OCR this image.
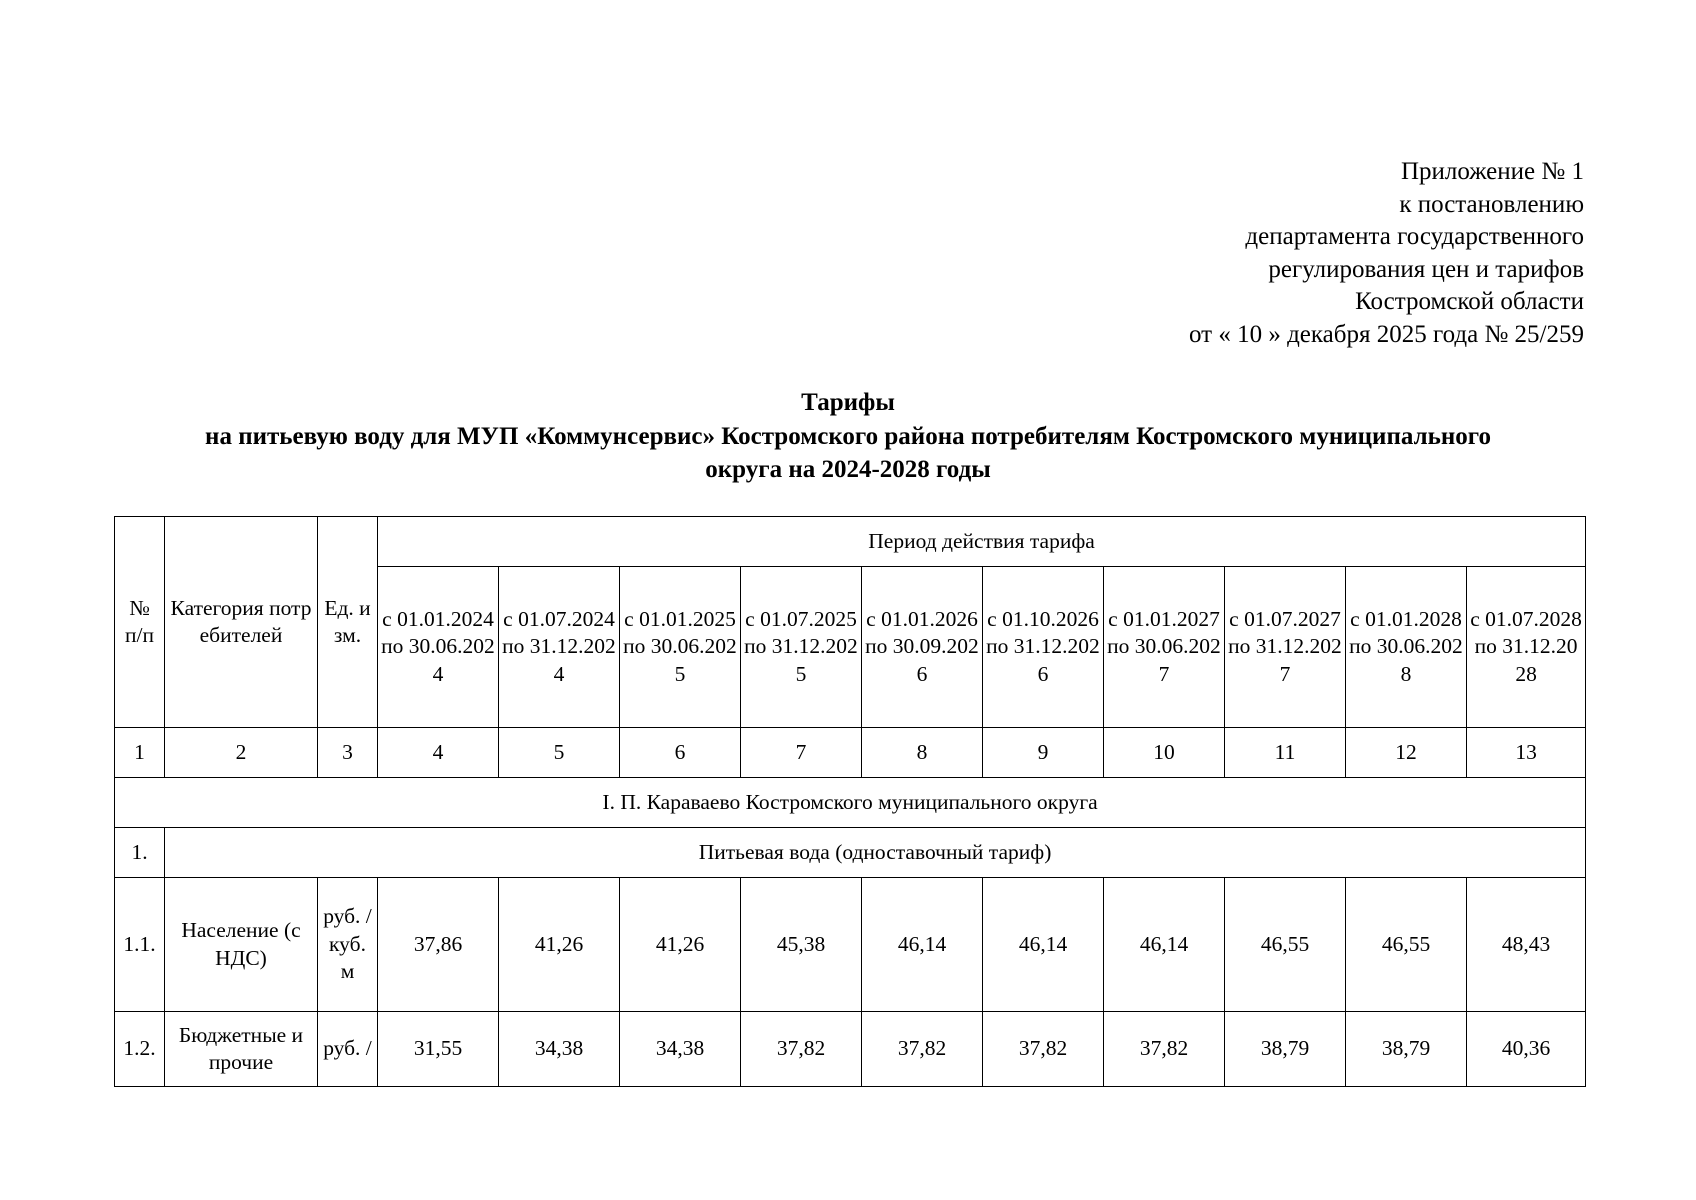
Приложение № 1
к постановлению
департамента государственного
регулирования цен и тарифов
Костромской области
от « 10 » декабря 2025 года № 25/259
Тарифы
на питьевую воду для МУП «Коммунсервис» Костромского района потребителям Костромского муниципального
округа на 2024-2028 годы
№ п/п	Категория потребителей	Ед. изм.	Период действия тарифа									
			с 01.01.2024 по 30.06.2024	с 01.07.2024 по 31.12.2024	с 01.01.2025 по 30.06.2025	с 01.07.2025 по 31.12.2025	с 01.01.2026 по 30.09.2026	с 01.10.2026 по 31.12.2026	с 01.01.2027 по 30.06.2027	с 01.07.2027 по 31.12.2027	с 01.01.2028 по 30.06.2028	с 01.07.2028 по 31.12.2028
1	2	3	4	5	6	7	8	9	10	11	12	13
I. П. Караваево Костромского муниципального округа												
1.	Питьевая вода (одноставочный тариф)											
1.1.	Население (с НДС)	руб. / куб. м	37,86	41,26	41,26	45,38	46,14	46,14	46,14	46,55	46,55	48,43
1.2.	Бюджетные и прочие	руб. /	31,55	34,38	34,38	37,82	37,82	37,82	37,82	38,79	38,79	40,36
